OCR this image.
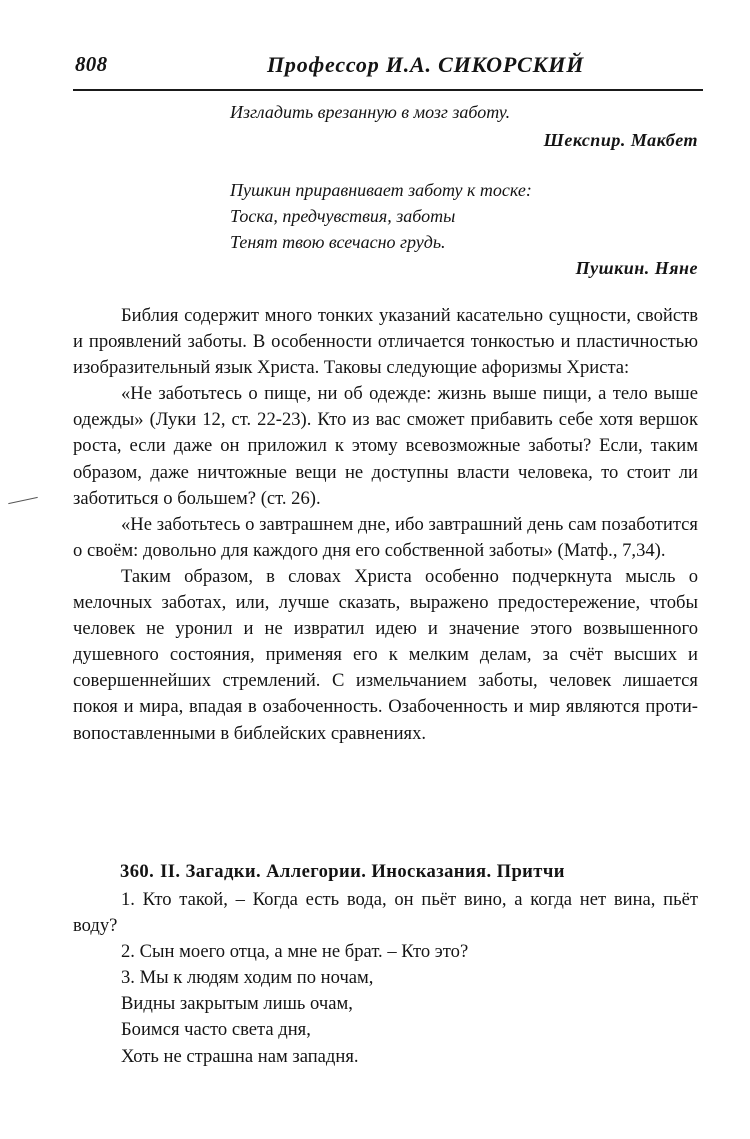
808	Профессор И.А. СИКОРСКИЙ
Изгладить врезанную в мозг заботу.
Шекспир. Макбет
Пушкин приравнивает заботу к тоске:
Тоска, предчувствия, заботы
Тенят твою всечасно грудь.
Пушкин. Няне

Библия содержит много тонких указаний касательно сущности, свойств и проявлений заботы. В особенности отличается тонкостью и пластичностью изобразительный язык Христа. Таковы следующие афоризмы Христа:

«Не заботьтесь о пище, ни об одежде: жизнь выше пищи, а тело выше одежды» (Луки 12, ст. 22-23). Кто из вас сможет прибавить себе хотя вершок роста, если даже он приложил к этому всевозможные заботы? Если, таким образом, даже ничтожные вещи не доступны власти человека, то стоит ли заботиться о большем? (ст. 26).

«Не заботьтесь о завтрашнем дне, ибо завтрашний день сам позаботится о своём: довольно для каждого дня его собственной заботы» (Матф., 7,34).

Таким образом, в словах Христа особенно подчеркнута мысль о мелочных заботах, или, лучше сказать, выражено предостережение, чтобы человек не уронил и не извратил идею и значение этого возвышенного душевного состояния, применяя его к мелким делам, за счёт высших и совершеннейших стремлений. С измельчанием заботы, человек лишается покоя и мира, впадая в озабоченность. Озабоченность и мир являются противопоставленными в библейских сравнениях.

360. II. Загадки. Аллегории. Иносказания. Притчи

1. Кто такой, – Когда есть вода, он пьёт вино, а когда нет вина, пьёт воду?

2. Сын моего отца, а мне не брат. – Кто это?

3. Мы к людям ходим по ночам,

Видны закрытым лишь очам,

Боимся часто света дня,

Хоть не страшна нам западня.
